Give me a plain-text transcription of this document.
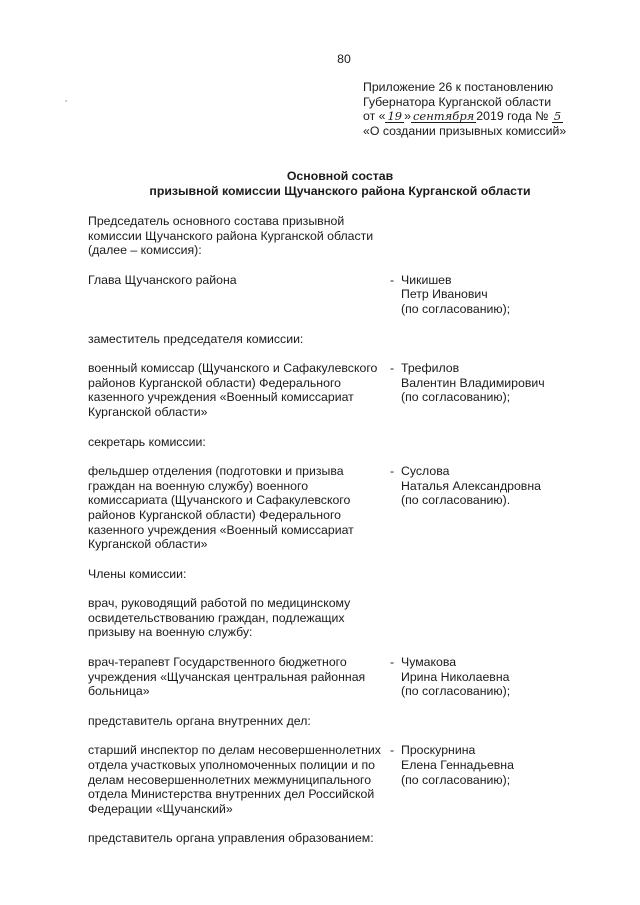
80
Приложение 26 к постановлению
Губернатора Курганской области
от « 19 » сентября 2019 года № 5
«О создании призывных комиссий»
Основной состав
призывной комиссии Щучанского района Курганской области
Председатель основного состава призывной комиссии Щучанского района Курганской области (далее – комиссия):
Глава Щучанского района	- Чикишев
Петр Иванович
(по согласованию);
заместитель председателя комиссии:
военный комиссар (Щучанского и Сафакулевского районов Курганской области) Федерального казенного учреждения «Военный комиссариат Курганской области»
- Трефилов
Валентин Владимирович
(по согласованию);
секретарь комиссии:
фельдшер отделения (подготовки и призыва граждан на военную службу) военного комиссариата (Щучанского и Сафакулевского районов Курганской области) Федерального казенного учреждения «Военный комиссариат Курганской области»
- Суслова
Наталья Александровна
(по согласованию).
Члены комиссии:
врач, руководящий работой по медицинскому освидетельствованию граждан, подлежащих призыву на военную службу:
врач-терапевт Государственного бюджетного учреждения «Щучанская центральная районная больница»
- Чумакова
Ирина Николаевна
(по согласованию);
представитель органа внутренних дел:
старший инспектор по делам несовершеннолетних отдела участковых уполномоченных полиции и по делам несовершеннолетних межмуниципального отдела Министерства внутренних дел Российской Федерации «Щучанский»
- Проскурнина
Елена Геннадьевна
(по согласованию);
представитель органа управления образованием:
